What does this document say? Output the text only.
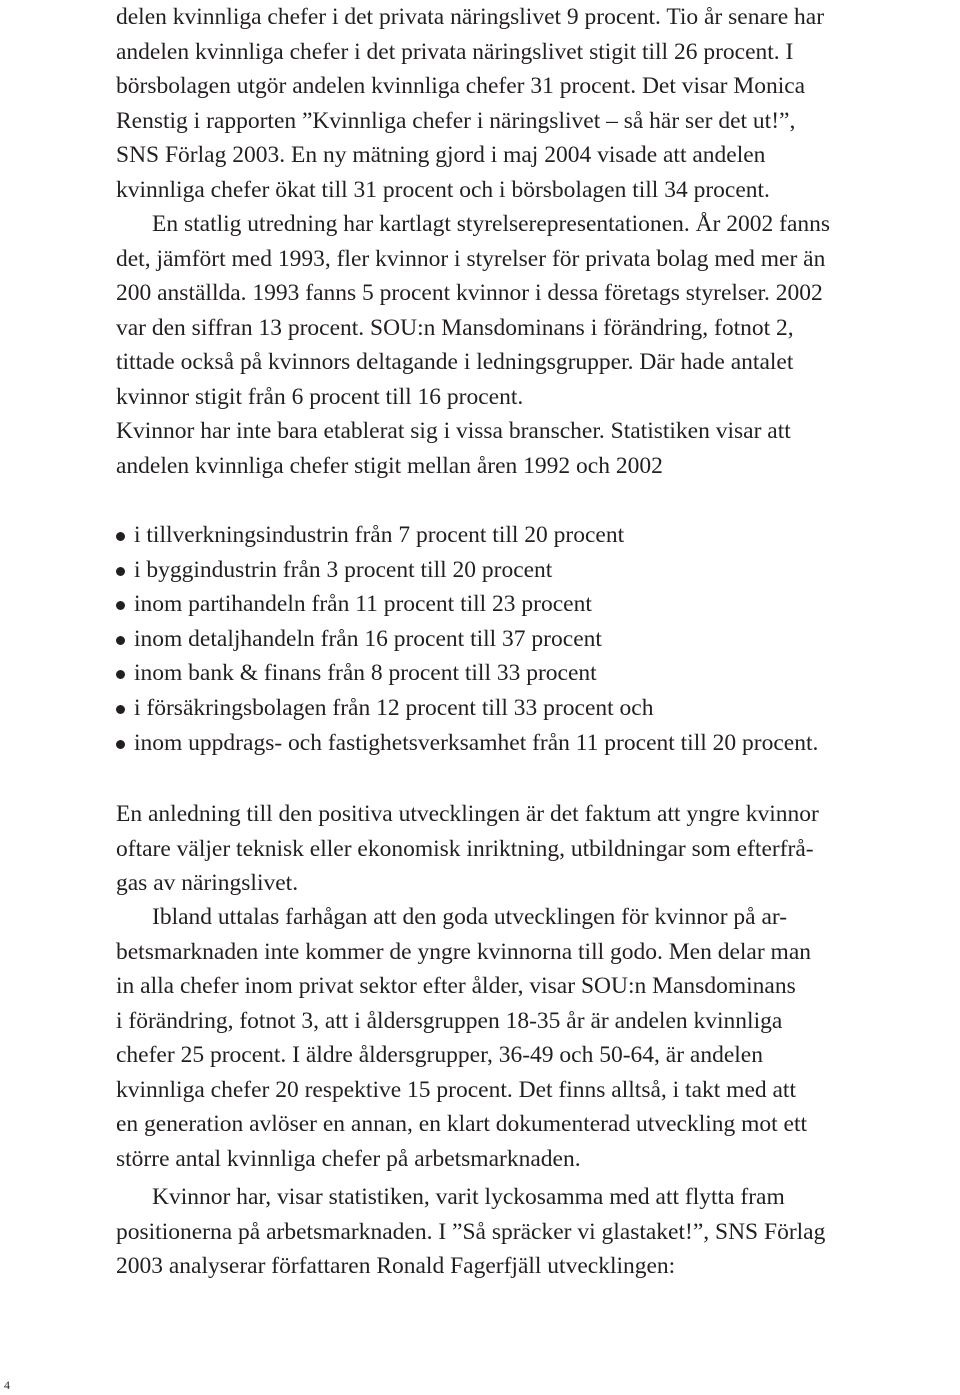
delen kvinnliga chefer i det privata näringslivet 9 procent. Tio år senare har
andelen kvinnliga chefer i det privata näringslivet stigit till 26 procent. I
börsbolagen utgör andelen kvinnliga chefer 31 procent. Det visar Monica
Renstig i rapporten ”Kvinnliga chefer i näringslivet – så här ser det ut!”,
SNS Förlag 2003. En ny mätning gjord i maj 2004 visade att andelen
kvinnliga chefer ökat till 31 procent och i börsbolagen till 34 procent.
En statlig utredning har kartlagt styrelserepresentationen. År 2002 fanns
det, jämfört med 1993, fler kvinnor i styrelser för privata bolag med mer än
200 anställda. 1993 fanns 5 procent kvinnor i dessa företags styrelser. 2002
var den siffran 13 procent. SOU:n Mansdominans i förändring, fotnot 2,
tittade också på kvinnors deltagande i ledningsgrupper. Där hade antalet
kvinnor stigit från 6 procent till 16 procent.
Kvinnor har inte bara etablerat sig i vissa branscher. Statistiken visar att
andelen kvinnliga chefer stigit mellan åren 1992 och 2002
i tillverkningsindustrin från 7 procent till 20 procent
i byggindustrin från 3 procent till 20 procent
inom partihandeln från 11 procent till 23 procent
inom detaljhandeln från 16 procent till 37 procent
inom bank & finans från 8 procent till 33 procent
i försäkringsbolagen från 12 procent till 33 procent och
inom uppdrags- och fastighetsverksamhet från 11 procent till 20 procent.
En anledning till den positiva utvecklingen är det faktum att yngre kvinnor
oftare väljer teknisk eller ekonomisk inriktning, utbildningar som efterfrå-
gas av näringslivet.
Ibland uttalas farhågan att den goda utvecklingen för kvinnor på ar-
betsmarknaden inte kommer de yngre kvinnorna till godo. Men delar man
in alla chefer inom privat sektor efter ålder, visar SOU:n Mansdominans
i förändring, fotnot 3, att i åldersgruppen 18-35 år är andelen kvinnliga
chefer 25 procent. I äldre åldersgrupper, 36-49 och 50-64, är andelen
kvinnliga chefer 20 respektive 15 procent. Det finns alltså, i takt med att
en generation avlöser en annan, en klart dokumenterad utveckling mot ett
större antal kvinnliga chefer på arbetsmarknaden.
Kvinnor har, visar statistiken, varit lyckosamma med att flytta fram
positionerna på arbetsmarknaden. I ”Så spräcker vi glastaket!”, SNS Förlag
2003 analyserar författaren Ronald Fagerfjäll utvecklingen:
4
